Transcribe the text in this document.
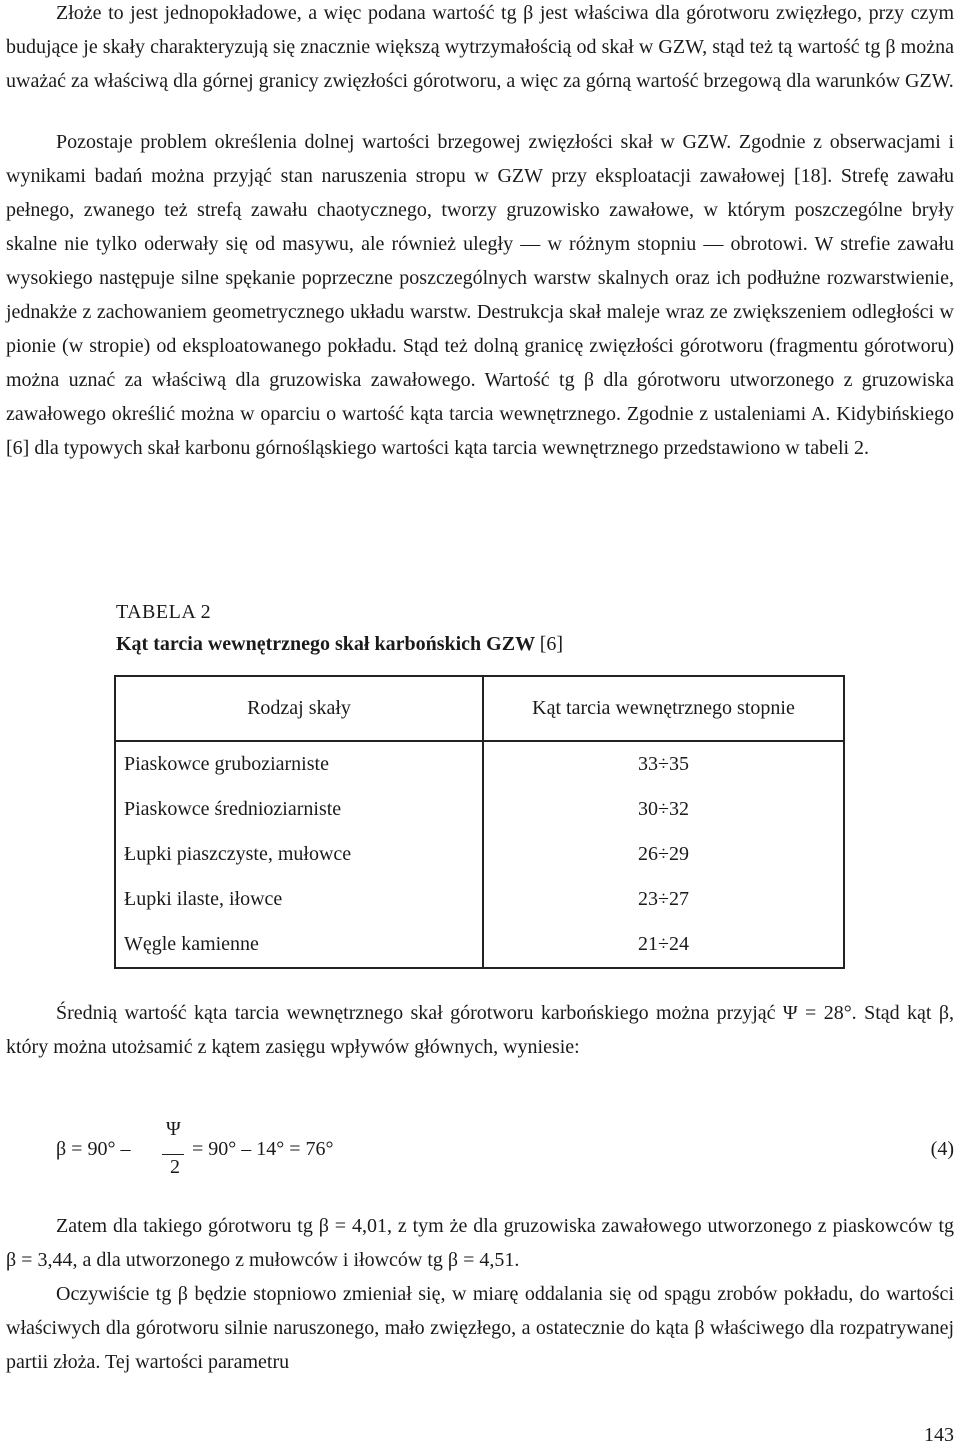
Złoże to jest jednopokładowe, a więc podana wartość tg β jest właściwa dla górotworu zwięzłego, przy czym budujące je skały charakteryzują się znacznie większą wytrzymałością od skał w GZW, stąd też tą wartość tg β można uważać za właściwą dla górnej granicy zwięzłości górotworu, a więc za górną wartość brzegową dla warunków GZW.

Pozostaje problem określenia dolnej wartości brzegowej zwięzłości skał w GZW. Zgodnie z obserwacjami i wynikami badań można przyjąć stan naruszenia stropu w GZW przy eksploatacji zawałowej [18]. Strefę zawału pełnego, zwanego też strefą zawału chaotycznego, tworzy gruzowisko zawałowe, w którym poszczególne bryły skalne nie tylko oderwały się od masywu, ale również uległy — w różnym stopniu — obrotowi. W strefie zawału wysokiego następuje silne spękanie poprzeczne poszczególnych warstw skalnych oraz ich podłużne rozwarstwienie, jednakże z zachowaniem geometrycznego układu warstw. Destrukcja skał maleje wraz ze zwiększeniem odległości w pionie (w stropie) od eksploatowanego pokładu. Stąd też dolną granicę zwięzłości górotworu (fragmentu górotworu) można uznać za właściwą dla gruzowiska zawałowego. Wartość tg β dla górotworu utworzonego z gruzowiska zawałowego określić można w oparciu o wartość kąta tarcia wewnętrznego. Zgodnie z ustaleniami A. Kidybińskiego [6] dla typowych skał karbonu górnośląskiego wartości kąta tarcia wewnętrznego przedstawiono w tabeli 2.

TABELA 2

Kąt tarcia wewnętrznego skał karbońskich GZW [6]

Rodzaj skały	Kąt tarcia wewnętrznego stopnie
Piaskowce gruboziarniste	33÷35
Piaskowce średnioziarniste	30÷32
Łupki piaszczyste, mułowce	26÷29
Łupki ilaste, iłowce	23÷27
Węgle kamienne	21÷24

Średnią wartość kąta tarcia wewnętrznego skał górotworu karbońskiego można przyjąć Ψ = 28°. Stąd kąt β, który można utożsamić z kątem zasięgu wpływów głównych, wyniesie:

β = 90° –
Ψ
2
= 90° – 14° = 76°	(4)

Zatem dla takiego górotworu tg β = 4,01, z tym że dla gruzowiska zawałowego utworzonego z piaskowców tg β = 3,44, a dla utworzonego z mułowców i iłowców tg β = 4,51.

Oczywiście tg β będzie stopniowo zmieniał się, w miarę oddalania się od spągu zrobów pokładu, do wartości właściwych dla górotworu silnie naruszonego, mało zwięzłego, a ostatecznie do kąta β właściwego dla rozpatrywanej partii złoża. Tej wartości parametru

143
